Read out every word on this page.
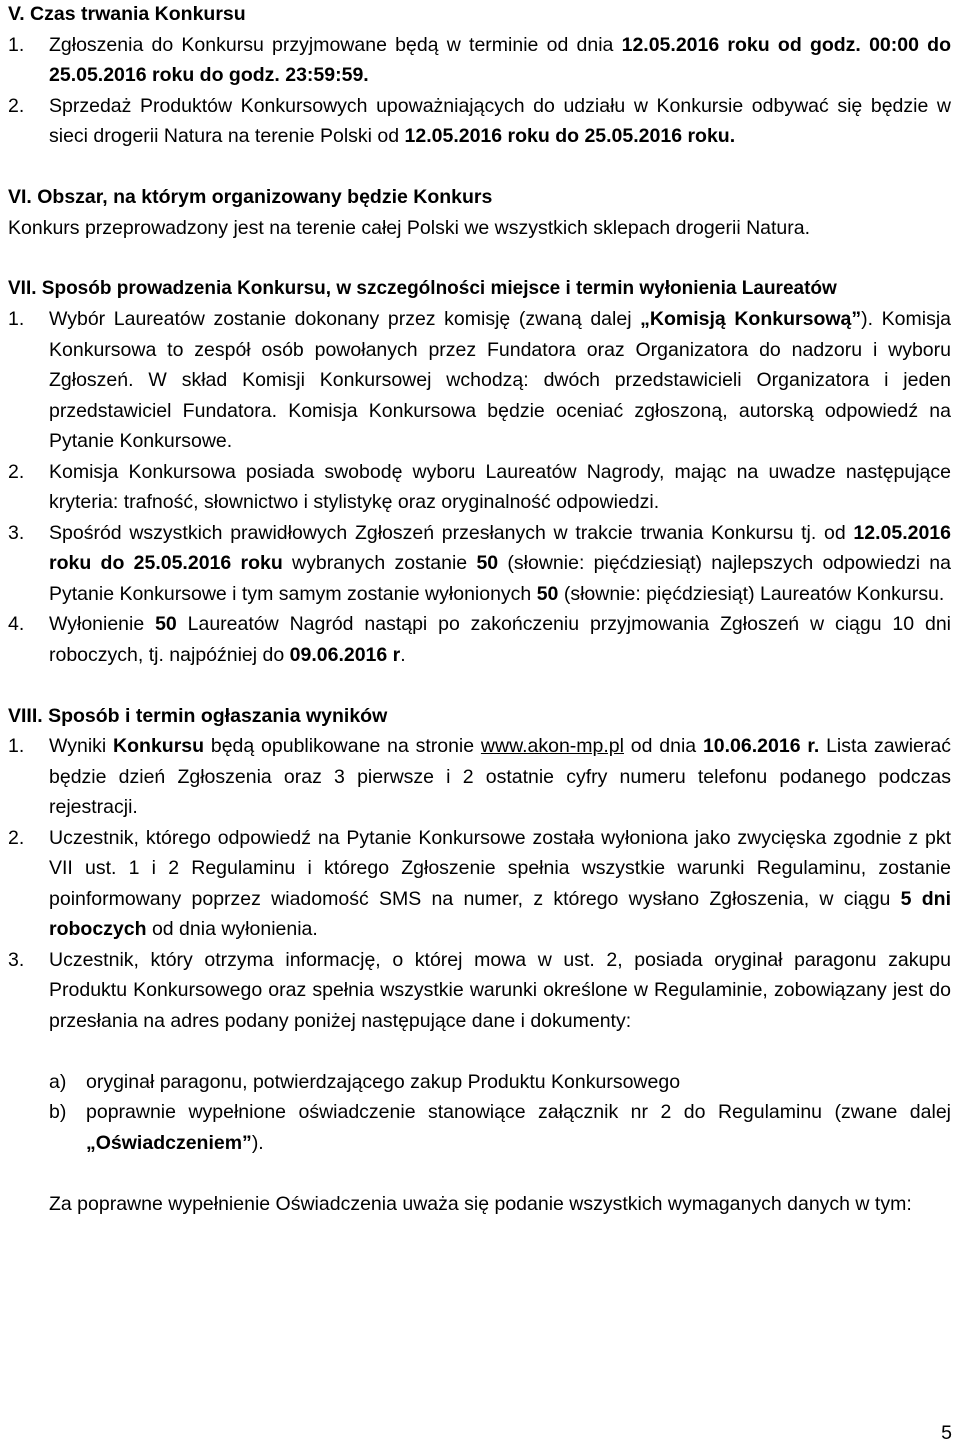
V. Czas trwania Konkursu
1.	Zgłoszenia do Konkursu przyjmowane będą w terminie od dnia 12.05.2016 roku od godz. 00:00 do 25.05.2016 roku do godz. 23:59:59.
2.	Sprzedaż Produktów Konkursowych upoważniających do udziału w Konkursie odbywać się będzie w sieci drogerii Natura na terenie Polski od 12.05.2016 roku do 25.05.2016 roku.
VI. Obszar, na którym organizowany będzie Konkurs
Konkurs przeprowadzony jest na terenie całej Polski we wszystkich sklepach drogerii Natura.
VII. Sposób prowadzenia Konkursu, w szczególności miejsce i termin wyłonienia Laureatów
1.	Wybór Laureatów zostanie dokonany przez komisję (zwaną dalej „Komisją Konkursową”). Komisja Konkursowa to zespół osób powołanych przez Fundatora oraz Organizatora do nadzoru i wyboru Zgłoszeń. W skład Komisji Konkursowej wchodzą: dwóch przedstawicieli Organizatora i jeden przedstawiciel Fundatora. Komisja Konkursowa będzie oceniać zgłoszoną, autorską odpowiedź na Pytanie Konkursowe.
2.	Komisja Konkursowa posiada swobodę wyboru Laureatów Nagrody, mając na uwadze następujące kryteria: trafność, słownictwo i stylistykę oraz oryginalność odpowiedzi.
3.	Spośród wszystkich prawidłowych Zgłoszeń przesłanych w trakcie trwania Konkursu tj. od 12.05.2016 roku do 25.05.2016 roku wybranych zostanie 50 (słownie: pięćdziesiąt) najlepszych odpowiedzi na Pytanie Konkursowe i tym samym zostanie wyłonionych 50 (słownie: pięćdziesiąt) Laureatów Konkursu.
4.	Wyłonienie 50 Laureatów Nagród nastąpi po zakończeniu przyjmowania Zgłoszeń w ciągu 10 dni roboczych, tj. najpóźniej do 09.06.2016 r.
VIII. Sposób i termin ogłaszania wyników
1.	Wyniki Konkursu będą opublikowane na stronie www.akon-mp.pl od dnia 10.06.2016 r. Lista zawierać będzie dzień Zgłoszenia oraz 3 pierwsze i 2 ostatnie cyfry numeru telefonu podanego podczas rejestracji.
2.	Uczestnik, którego odpowiedź na Pytanie Konkursowe została wyłoniona jako zwycięska zgodnie z pkt VII ust. 1 i 2 Regulaminu i którego Zgłoszenie spełnia wszystkie warunki Regulaminu, zostanie poinformowany poprzez wiadomość SMS na numer, z którego wysłano Zgłoszenia, w ciągu 5 dni roboczych od dnia wyłonienia.
3.	Uczestnik, który otrzyma informację, o której mowa w ust. 2, posiada oryginał paragonu zakupu Produktu Konkursowego oraz spełnia wszystkie warunki określone w Regulaminie, zobowiązany jest do przesłania na adres podany poniżej następujące dane i dokumenty:
a)	oryginał paragonu, potwierdzającego zakup Produktu Konkursowego
b)	poprawnie wypełnione oświadczenie stanowiące załącznik nr 2 do Regulaminu (zwane dalej „Oświadczeniem”).
Za poprawne wypełnienie Oświadczenia uważa się podanie wszystkich wymaganych danych w tym:
5
